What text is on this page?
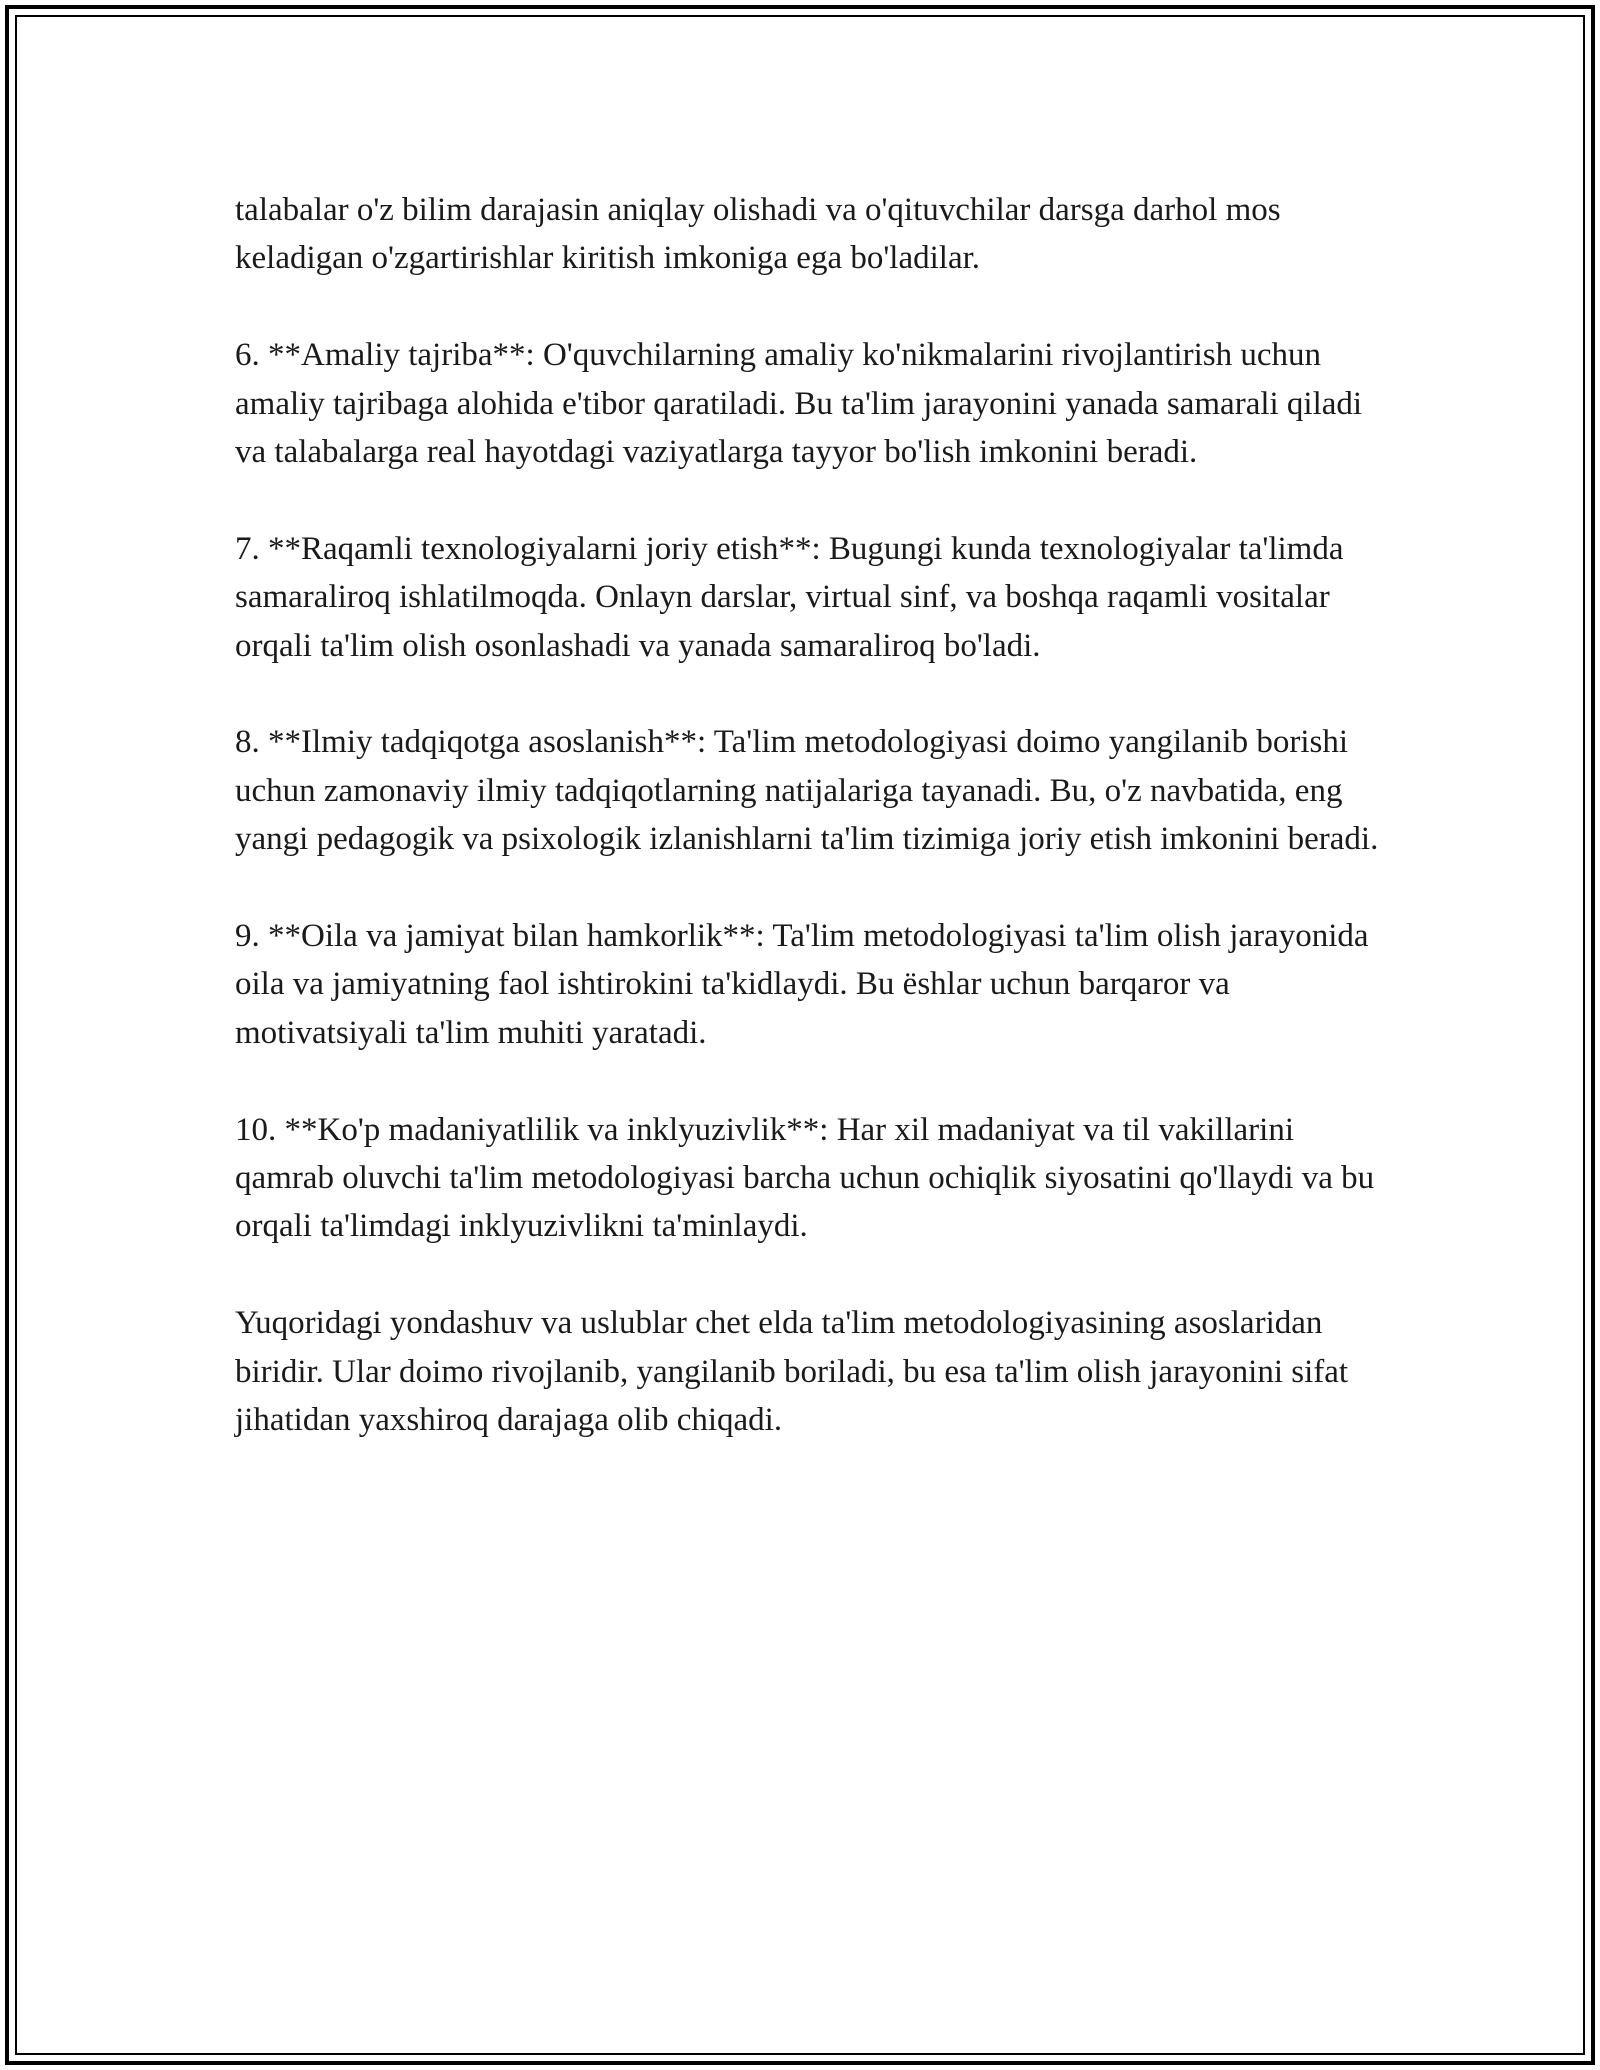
talabalar o'z bilim darajasin aniqlay olishadi va o'qituvchilar darsga darhol mos keladigan o'zgartirishlar kiritish imkoniga ega bo'ladilar.

6. **Amaliy tajriba**: O'quvchilarning amaliy ko'nikmalarini rivojlantirish uchun amaliy tajribaga alohida e'tibor qaratiladi. Bu ta'lim jarayonini yanada samarali qiladi va talabalarga real hayotdagi vaziyatlarga tayyor bo'lish imkonini beradi.

7. **Raqamli texnologiyalarni joriy etish**: Bugungi kunda texnologiyalar ta'limda samaraliroq ishlatilmoqda. Onlayn darslar, virtual sinf, va boshqa raqamli vositalar orqali ta'lim olish osonlashadi va yanada samaraliroq bo'ladi.

8. **Ilmiy tadqiqotga asoslanish**: Ta'lim metodologiyasi doimo yangilanib borishi uchun zamonaviy ilmiy tadqiqotlarning natijalariga tayanadi. Bu, o'z navbatida, eng yangi pedagogik va psixologik izlanishlarni ta'lim tizimiga joriy etish imkonini beradi.

9. **Oila va jamiyat bilan hamkorlik**: Ta'lim metodologiyasi ta'lim olish jarayonida oila va jamiyatning faol ishtirokini ta'kidlaydi. Bu ёshlar uchun barqaror va motivatsiyali ta'lim muhiti yaratadi.

10. **Ko'p madaniyatlilik va inklyuzivlik**: Har xil madaniyat va til vakillarini qamrab oluvchi ta'lim metodologiyasi barcha uchun ochiqlik siyosatini qo'llaydi va bu orqali ta'limdagi inklyuzivlikni ta'minlaydi.

Yuqoridagi yondashuv va uslublar chet elda ta'lim metodologiyasining asoslaridan biridir. Ular doimo rivojlanib, yangilanib boriladi, bu esa ta'lim olish jarayonini sifat jihatidan yaxshiroq darajaga olib chiqadi.
